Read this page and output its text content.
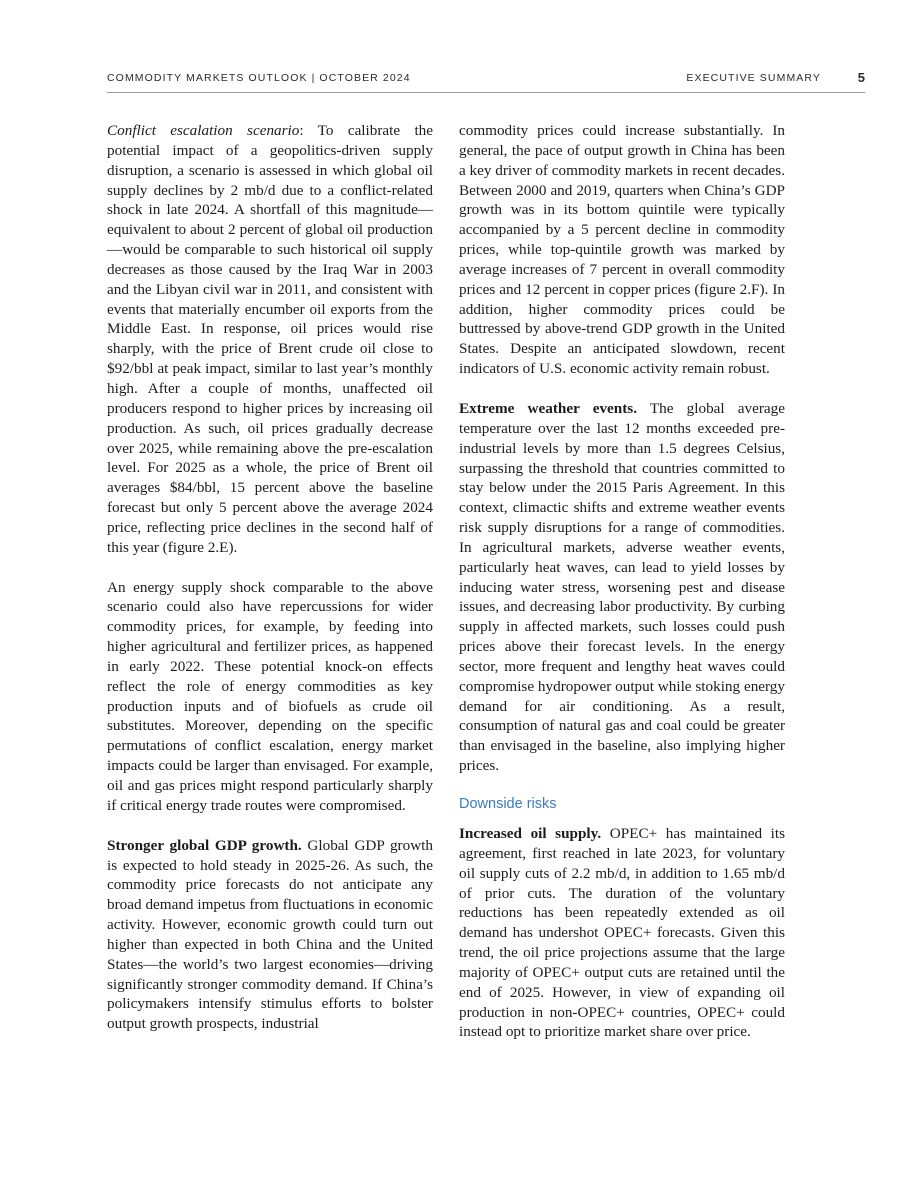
COMMODITY MARKETS OUTLOOK | OCTOBER 2024	EXECUTIVE SUMMARY	5

Conflict escalation scenario: To calibrate the potential impact of a geopolitics-driven supply disruption, a scenario is assessed in which global oil supply declines by 2 mb/d due to a conflict-related shock in late 2024. A shortfall of this magnitude—equivalent to about 2 percent of global oil production—would be comparable to such historical oil supply decreases as those caused by the Iraq War in 2003 and the Libyan civil war in 2011, and consistent with events that materially encumber oil exports from the Middle East. In response, oil prices would rise sharply, with the price of Brent crude oil close to $92/bbl at peak impact, similar to last year’s monthly high. After a couple of months, unaffected oil producers respond to higher prices by increasing oil production. As such, oil prices gradually decrease over 2025, while remaining above the pre-escalation level. For 2025 as a whole, the price of Brent oil averages $84/bbl, 15 percent above the baseline forecast but only 5 percent above the average 2024 price, reflecting price declines in the second half of this year (figure 2.E).

An energy supply shock comparable to the above scenario could also have repercussions for wider commodity prices, for example, by feeding into higher agricultural and fertilizer prices, as happened in early 2022. These potential knock-on effects reflect the role of energy commodities as key production inputs and of biofuels as crude oil substitutes. Moreover, depending on the specific permutations of conflict escalation, energy market impacts could be larger than envisaged. For example, oil and gas prices might respond particularly sharply if critical energy trade routes were compromised.

Stronger global GDP growth. Global GDP growth is expected to hold steady in 2025-26. As such, the commodity price forecasts do not anticipate any broad demand impetus from fluctuations in economic activity. However, economic growth could turn out higher than expected in both China and the United States—the world’s two largest economies—driving significantly stronger commodity demand. If China’s policymakers intensify stimulus efforts to bolster output growth prospects, industrial

commodity prices could increase substantially. In general, the pace of output growth in China has been a key driver of commodity markets in recent decades. Between 2000 and 2019, quarters when China’s GDP growth was in its bottom quintile were typically accompanied by a 5 percent decline in commodity prices, while top-quintile growth was marked by average increases of 7 percent in overall commodity prices and 12 percent in copper prices (figure 2.F). In addition, higher commodity prices could be buttressed by above-trend GDP growth in the United States. Despite an anticipated slowdown, recent indicators of U.S. economic activity remain robust.

Extreme weather events. The global average temperature over the last 12 months exceeded pre-industrial levels by more than 1.5 degrees Celsius, surpassing the threshold that countries committed to stay below under the 2015 Paris Agreement. In this context, climactic shifts and extreme weather events risk supply disruptions for a range of commodities. In agricultural markets, adverse weather events, particularly heat waves, can lead to yield losses by inducing water stress, worsening pest and disease issues, and decreasing labor productivity. By curbing supply in affected markets, such losses could push prices above their forecast levels. In the energy sector, more frequent and lengthy heat waves could compromise hydropower output while stoking energy demand for air conditioning. As a result, consumption of natural gas and coal could be greater than envisaged in the baseline, also implying higher prices.

Downside risks

Increased oil supply. OPEC+ has maintained its agreement, first reached in late 2023, for voluntary oil supply cuts of 2.2 mb/d, in addition to 1.65 mb/d of prior cuts. The duration of the voluntary reductions has been repeatedly extended as oil demand has undershot OPEC+ forecasts. Given this trend, the oil price projections assume that the large majority of OPEC+ output cuts are retained until the end of 2025. However, in view of expanding oil production in non-OPEC+ countries, OPEC+ could instead opt to prioritize market share over price.
